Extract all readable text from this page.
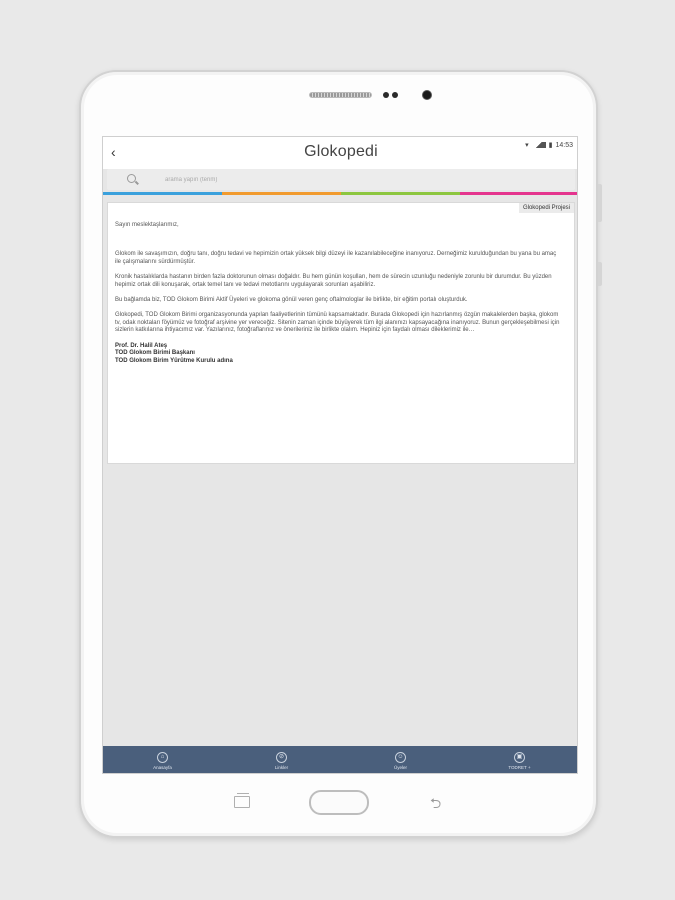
‹	Glokopedi	▾	▮ 14:53
arama yapın (terim)
Glokopedi Projesi

Sayın meslektaşlarımız,

Glokom ile savaşımızın, doğru tanı, doğru tedavi ve hepimizin ortak yüksek bilgi düzeyi ile kazanılabileceğine inanıyoruz. Derneğimiz kurulduğundan bu yana bu amaç ile çalışmalarını sürdürmüştür.

Kronik hastalıklarda hastanın birden fazla doktorunun olması doğaldır. Bu hem günün koşulları, hem de sürecin uzunluğu nedeniyle zorunlu bir durumdur. Bu yüzden hepimiz ortak dili konuşarak, ortak temel tanı ve tedavi metotlarını uygulayarak sorunları aşabiliriz.

Bu bağlamda biz, TOD Glokom Birimi Aktif Üyeleri ve glokoma gönül veren genç oftalmologlar ile birlikte, bir eğitim portalı oluşturduk.

Glokopedi, TOD Glokom Birimi organizasyonunda yapılan faaliyetlerinin tümünü kapsamaktadır. Burada Glokopedi için hazırlanmış özgün makalelerden başka, glokom tv, odak noktaları föyümüz ve fotoğraf arşivine yer vereceğiz. Sitenin zaman içinde büyüyerek tüm ilgi alanınızı kapsayacağına inanıyoruz. Bunun gerçekleşebilmesi için sizlerin katkılarına ihtiyacımız var. Yazılarınız, fotoğraflarınız ve önerileriniz ile birlikte olalım. Hepiniz için faydalı olması dileklerimiz ile…

Prof. Dr. Halil Ateş
TOD Glokom Birimi Başkanı
TOD Glokom Birim Yürütme Kurulu adına
⌂
Anasayfa
⊘
Linkler
☺
Üyeler
▣
TODRET +
⮌
